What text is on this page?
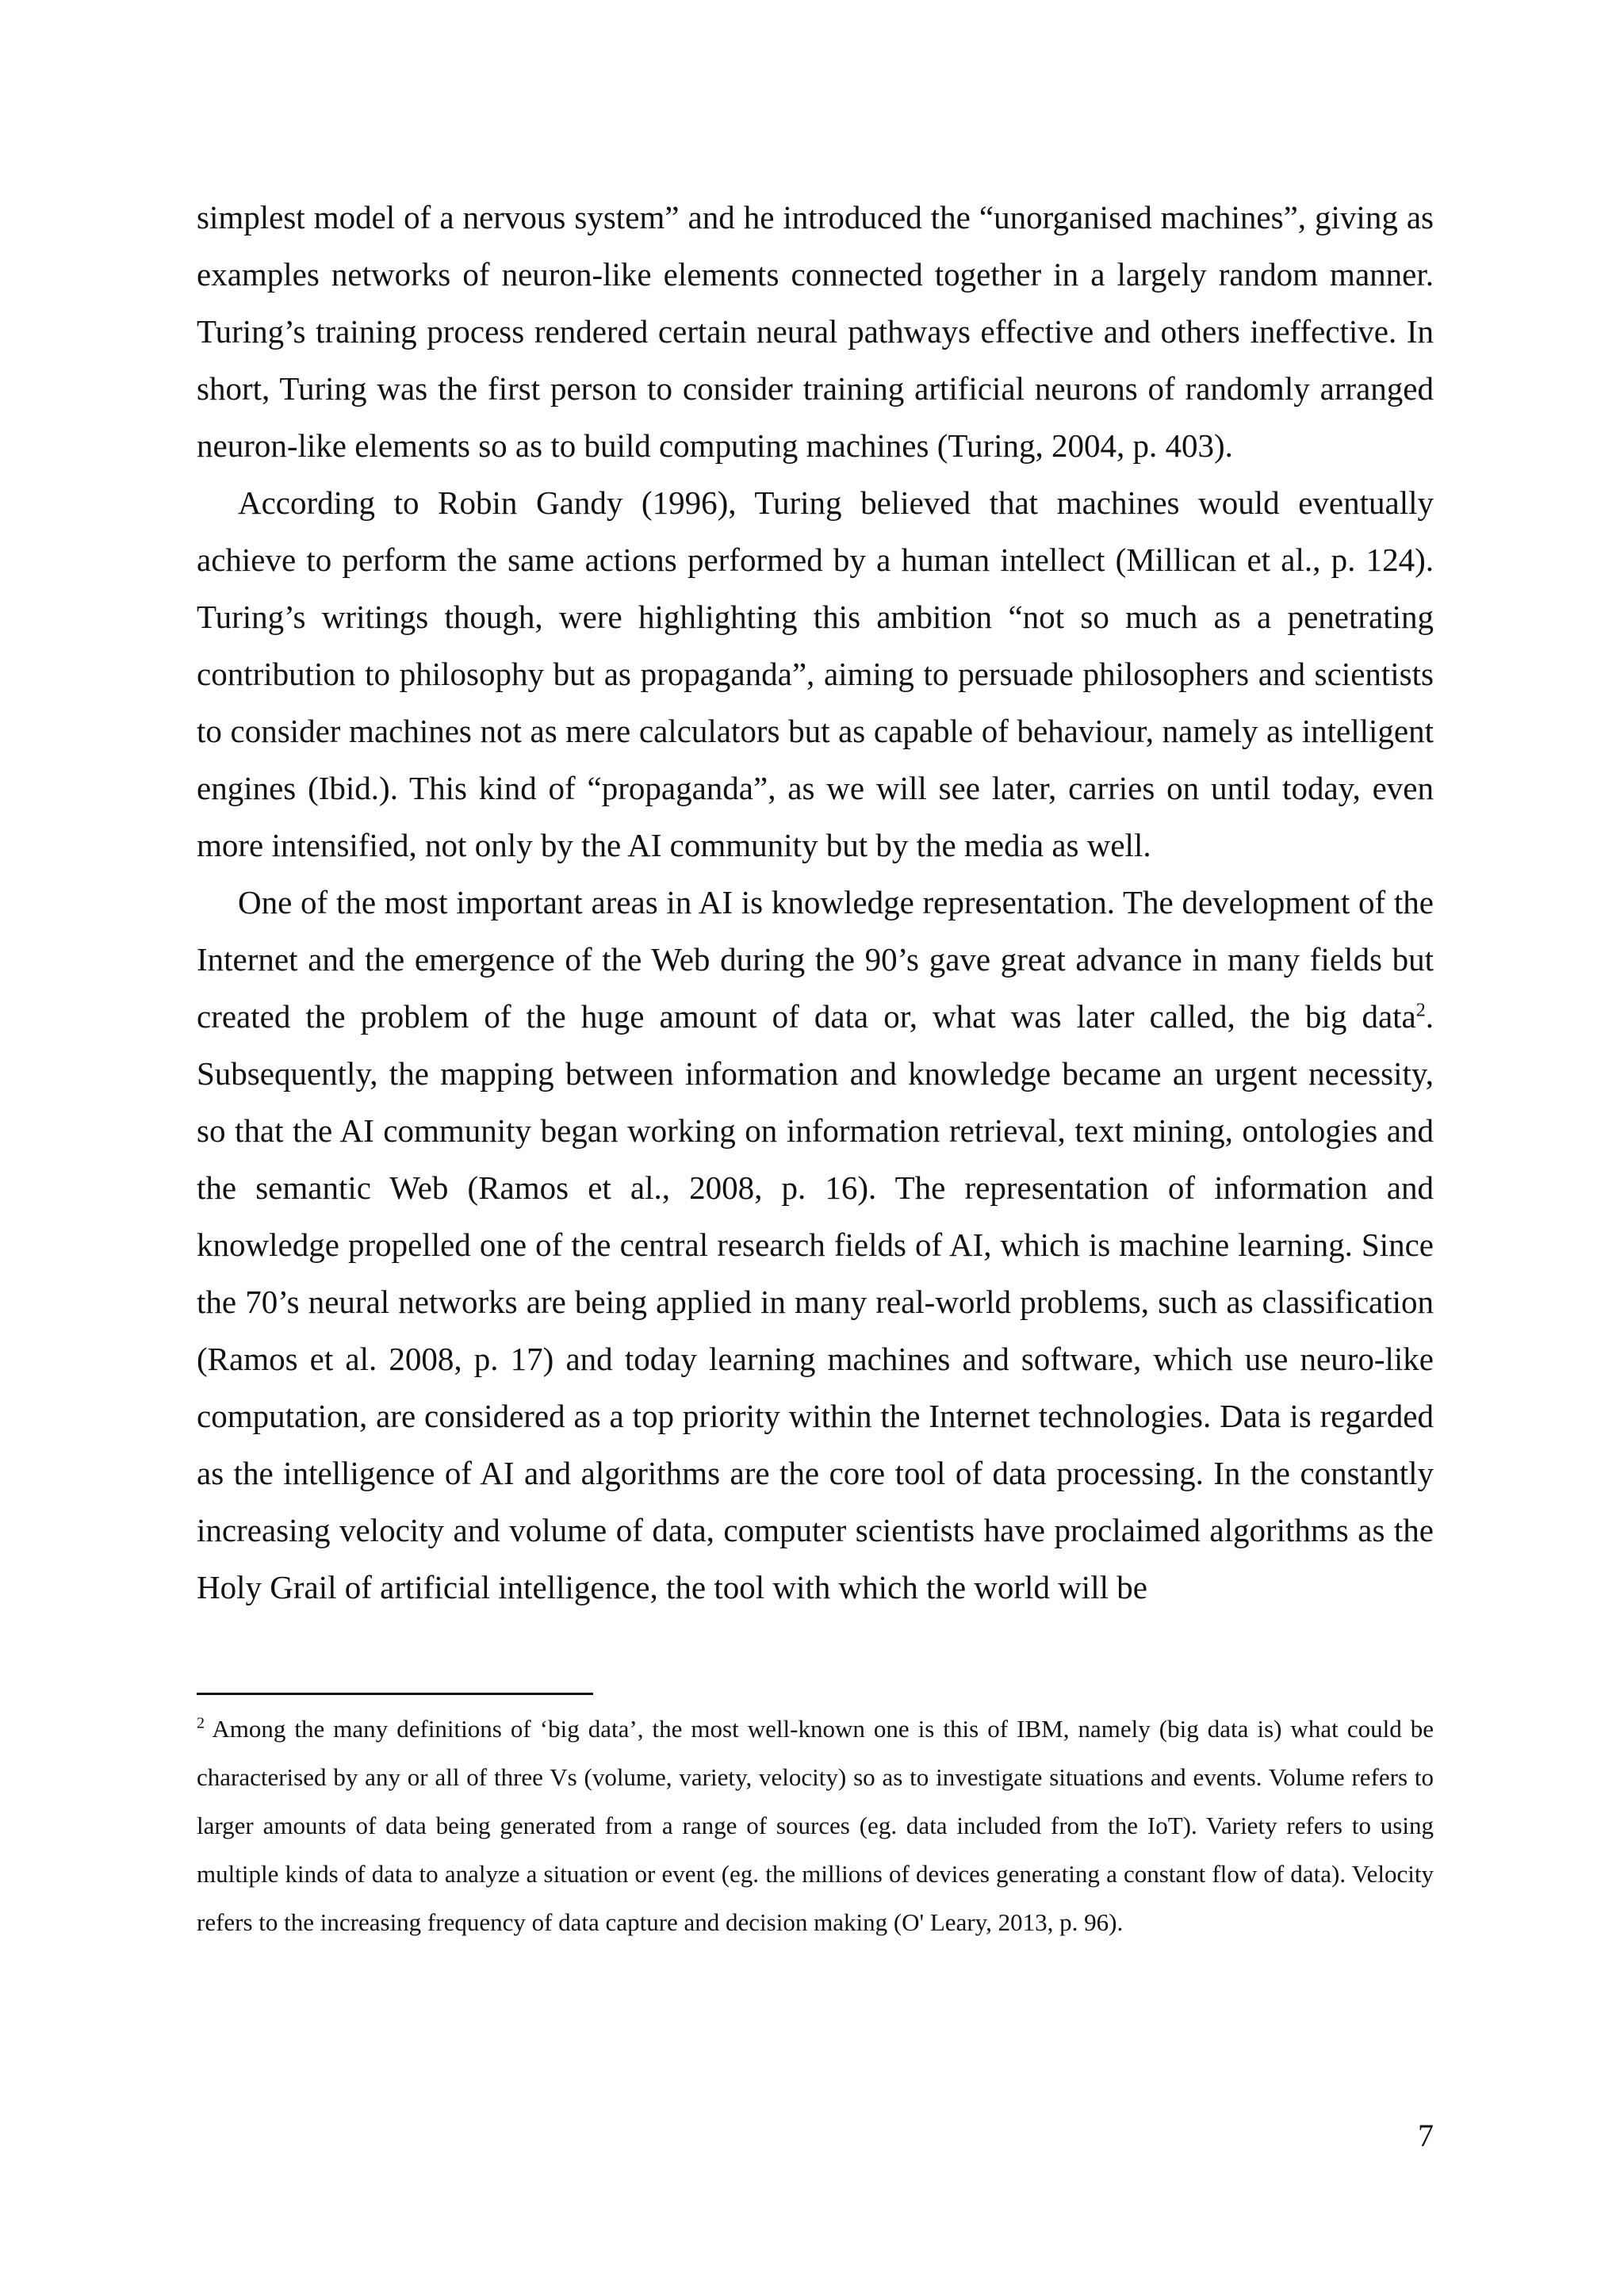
simplest model of a nervous system” and he introduced the “unorganised machines”, giving as examples networks of neuron-like elements connected together in a largely random manner. Turing’s training process rendered certain neural pathways effective and others ineffective. In short, Turing was the first person to consider training artificial neurons of randomly arranged neuron-like elements so as to build computing machines (Turing, 2004, p. 403).

According to Robin Gandy (1996), Turing believed that machines would eventually achieve to perform the same actions performed by a human intellect (Millican et al., p. 124). Turing’s writings though, were highlighting this ambition “not so much as a penetrating contribution to philosophy but as propaganda”, aiming to persuade philosophers and scientists to consider machines not as mere calculators but as capable of behaviour, namely as intelligent engines (Ibid.). This kind of “propaganda”, as we will see later, carries on until today, even more intensified, not only by the AI community but by the media as well.

One of the most important areas in AI is knowledge representation. The development of the Internet and the emergence of the Web during the 90’s gave great advance in many fields but created the problem of the huge amount of data or, what was later called, the big data$^2$. Subsequently, the mapping between information and knowledge became an urgent necessity, so that the AI community began working on information retrieval, text mining, ontologies and the semantic Web (Ramos et al., 2008, p. 16). The representation of information and knowledge propelled one of the central research fields of AI, which is machine learning. Since the 70’s neural networks are being applied in many real-world problems, such as classification (Ramos et al. 2008, p. 17) and today learning machines and software, which use neuro-like computation, are considered as a top priority within the Internet technologies. Data is regarded as the intelligence of AI and algorithms are the core tool of data processing. In the constantly increasing velocity and volume of data, computer scientists have proclaimed algorithms as the Holy Grail of artificial intelligence, the tool with which the world will be

$^2$ Among the many definitions of ‘big data’, the most well-known one is this of IBM, namely (big data is) what could be characterised by any or all of three Vs (volume, variety, velocity) so as to investigate situations and events. Volume refers to larger amounts of data being generated from a range of sources (eg. data included from the IoT). Variety refers to using multiple kinds of data to analyze a situation or event (eg. the millions of devices generating a constant flow of data). Velocity refers to the increasing frequency of data capture and decision making (O' Leary, 2013, p. 96).

7
